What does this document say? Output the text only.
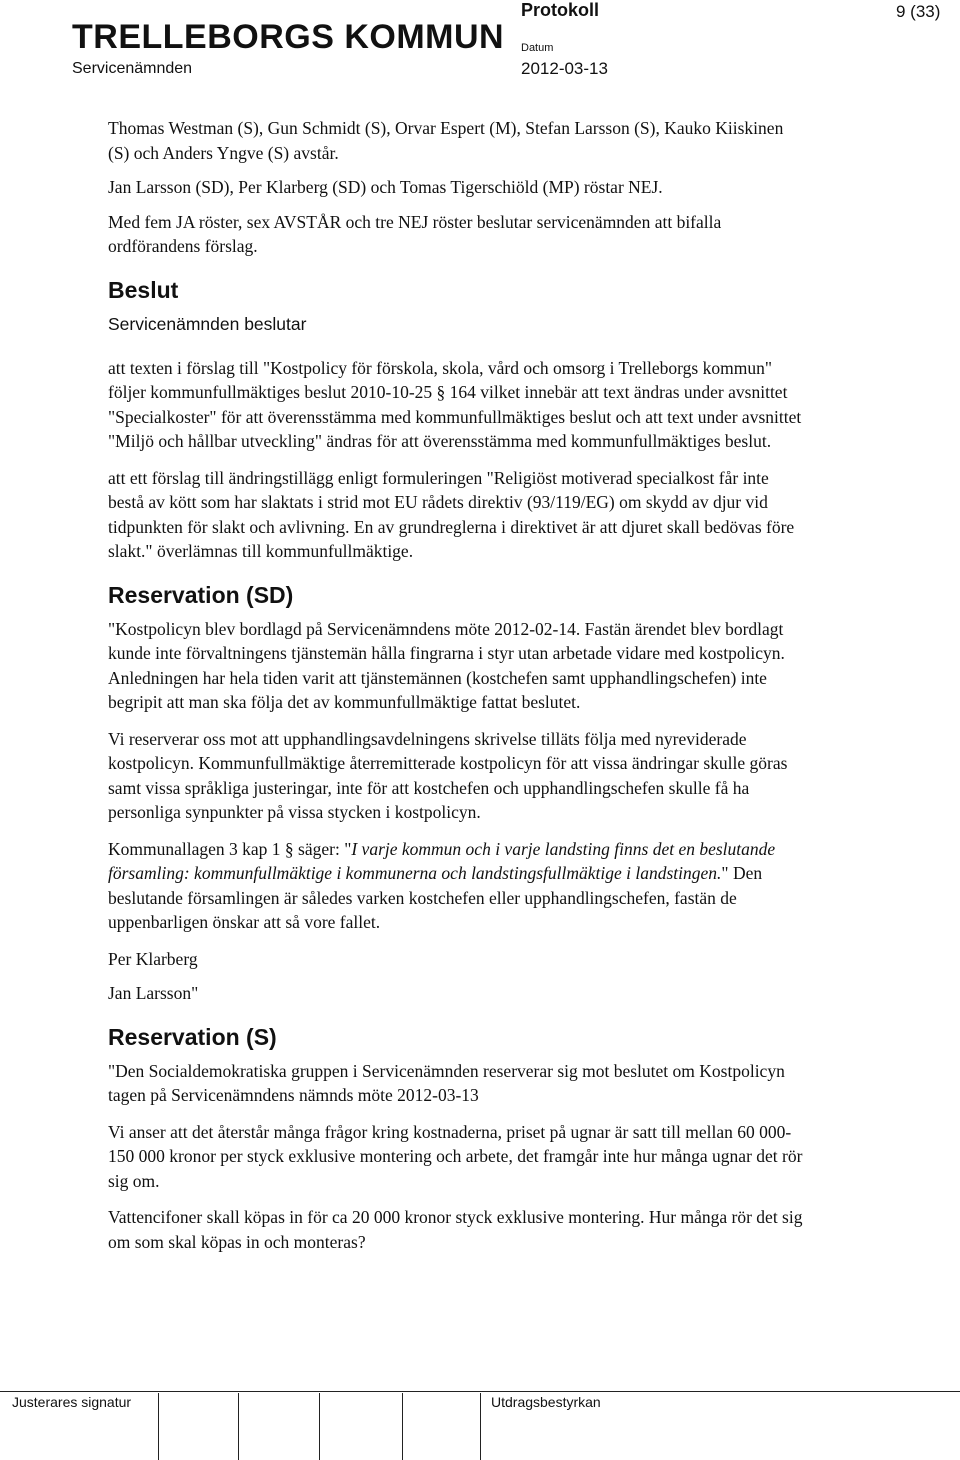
TRELLEBORGS KOMMUN
Servicenämnden
Protokoll
Datum
2012-03-13
9 (33)

Thomas Westman (S), Gun Schmidt (S), Orvar Espert (M), Stefan Larsson (S), Kauko Kiiskinen (S) och Anders Yngve (S) avstår.

Jan Larsson (SD), Per Klarberg (SD) och Tomas Tigerschiöld (MP) röstar NEJ.

Med fem JA röster, sex AVSTÅR och tre NEJ röster beslutar servicenämnden att bifalla ordförandens förslag.

Beslut
Servicenämnden beslutar

att texten i förslag till "Kostpolicy för förskola, skola, vård och omsorg i Trelleborgs kommun" följer kommunfullmäktiges beslut 2010-10-25 § 164 vilket innebär att text ändras under avsnittet "Specialkoster" för att överensstämma med kommunfullmäktiges beslut och att text under avsnittet "Miljö och hållbar utveckling" ändras för att överensstämma med kommunfullmäktiges beslut.

att ett förslag till ändringstillägg enligt formuleringen "Religiöst motiverad specialkost får inte bestå av kött som har slaktats i strid mot EU rådets direktiv (93/119/EG) om skydd av djur vid tidpunkten för slakt och avlivning. En av grundreglerna i direktivet är att djuret skall bedövas före slakt." överlämnas till kommunfullmäktige.

Reservation (SD)

"Kostpolicyn blev bordlagd på Servicenämndens möte 2012-02-14. Fastän ärendet blev bordlagt kunde inte förvaltningens tjänstemän hålla fingrarna i styr utan arbetade vidare med kostpolicyn. Anledningen har hela tiden varit att tjänstemännen (kostchefen samt upphandlingschefen) inte begripit att man ska följa det av kommunfullmäktige fattat beslutet.

Vi reserverar oss mot att upphandlingsavdelningens skrivelse tilläts följa med nyreviderade kostpolicyn. Kommunfullmäktige återremitterade kostpolicyn för att vissa ändringar skulle göras samt vissa språkliga justeringar, inte för att kostchefen och upphandlingschefen skulle få ha personliga synpunkter på vissa stycken i kostpolicyn.

Kommunallagen 3 kap 1 § säger: "I varje kommun och i varje landsting finns det en beslutande församling: kommunfullmäktige i kommunerna och landstingsfullmäktige i landstingen." Den beslutande församlingen är således varken kostchefen eller upphandlingschefen, fastän de uppenbarligen önskar att så vore fallet.

Per Klarberg

Jan Larsson"

Reservation (S)

"Den Socialdemokratiska gruppen i Servicenämnden reserverar sig mot beslutet om Kostpolicyn tagen på Servicenämndens nämnds möte 2012-03-13

Vi anser att det återstår många frågor kring kostnaderna, priset på ugnar är satt till mellan 60 000-150 000 kronor per styck exklusive montering och arbete, det framgår inte hur många ugnar det rör sig om.

Vattencifoner skall köpas in för ca 20 000 kronor styck exklusive montering. Hur många rör det sig om som skal köpas in och monteras?

Justerares signatur	Utdragsbestyrkan
